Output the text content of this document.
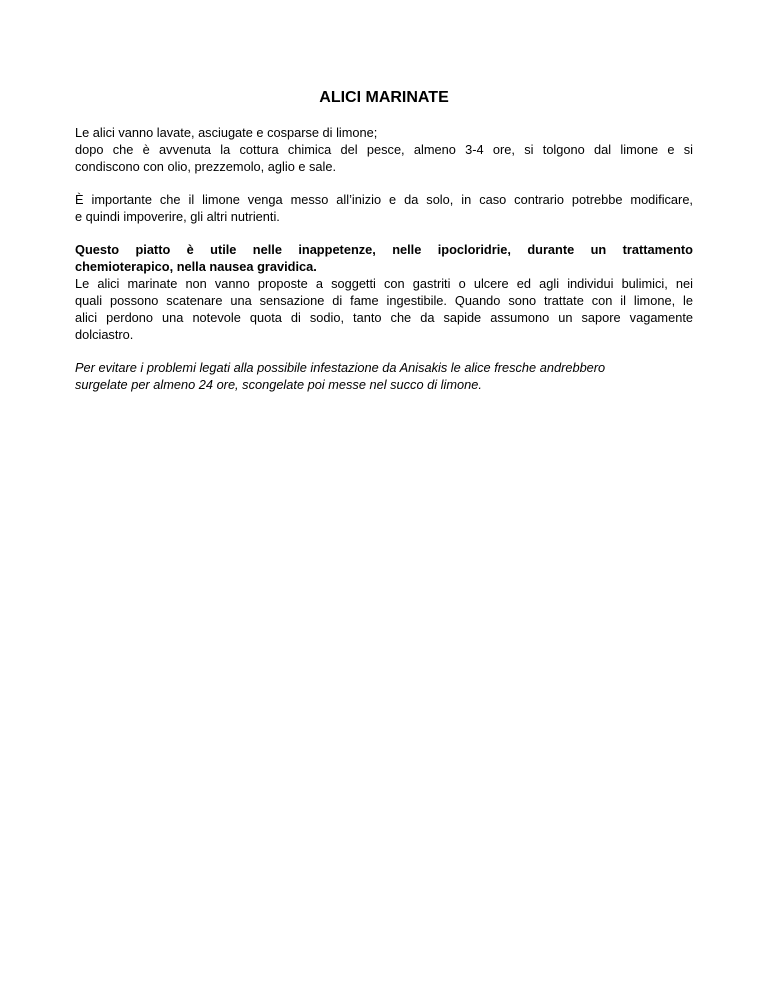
ALICI MARINATE
Le alici vanno lavate, asciugate e cosparse di limone;
dopo che è avvenuta la cottura chimica del pesce, almeno 3-4 ore, si tolgono dal limone e si
condiscono con olio, prezzemolo, aglio e sale.
È importante che il limone venga messo all’inizio e da solo, in caso contrario potrebbe modificare,
e quindi impoverire, gli altri nutrienti.
Questo piatto è utile nelle inappetenze, nelle ipocloridrie, durante un trattamento
chemioterapico, nella nausea gravidica.
Le alici marinate non vanno proposte a soggetti con gastriti o ulcere ed agli individui bulimici, nei
quali possono scatenare una sensazione di fame ingestibile. Quando sono trattate con il limone, le
alici perdono una notevole quota di sodio, tanto che da sapide assumono un sapore vagamente
dolciastro.
Per evitare i problemi legati alla possibile infestazione da Anisakis le alice fresche andrebbero
surgelate per almeno 24 ore, scongelate poi messe nel succo di limone.
